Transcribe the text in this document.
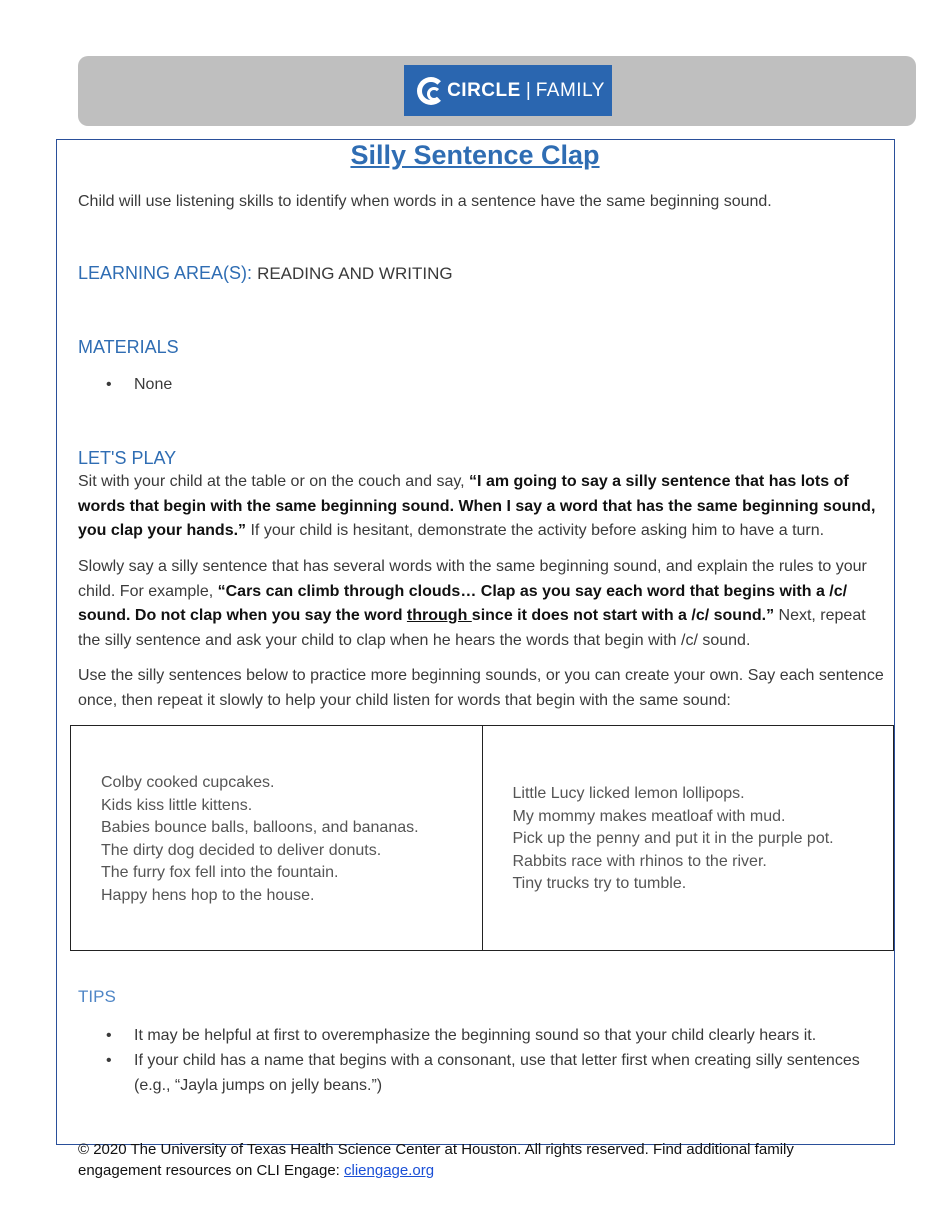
CIRCLE | FAMILY
Silly Sentence Clap
Child will use listening skills to identify when words in a sentence have the same beginning sound.
LEARNING AREA(S): READING AND WRITING
MATERIALS
• None
LET'S PLAY
Sit with your child at the table or on the couch and say, “I am going to say a silly sentence that has lots of words that begin with the same beginning sound. When I say a word that has the same beginning sound, you clap your hands.” If your child is hesitant, demonstrate the activity before asking him to have a turn.
Slowly say a silly sentence that has several words with the same beginning sound, and explain the rules to your child. For example, “Cars can climb through clouds… Clap as you say each word that begins with a /c/ sound. Do not clap when you say the word through since it does not start with a /c/ sound.” Next, repeat the silly sentence and ask your child to clap when he hears the words that begin with /c/ sound.
Use the silly sentences below to practice more beginning sounds, or you can create your own. Say each sentence once, then repeat it slowly to help your child listen for words that begin with the same sound:
Colby cooked cupcakes.
Kids kiss little kittens.
Babies bounce balls, balloons, and bananas.
The dirty dog decided to deliver donuts.
The furry fox fell into the fountain.
Happy hens hop to the house.

Little Lucy licked lemon lollipops.
My mommy makes meatloaf with mud.
Pick up the penny and put it in the purple pot.
Rabbits race with rhinos to the river.
Tiny trucks try to tumble.
TIPS
• It may be helpful at first to overemphasize the beginning sound so that your child clearly hears it.
• If your child has a name that begins with a consonant, use that letter first when creating silly sentences (e.g., “Jayla jumps on jelly beans.”)
© 2020 The University of Texas Health Science Center at Houston. All rights reserved. Find additional family engagement resources on CLI Engage: cliengage.org
